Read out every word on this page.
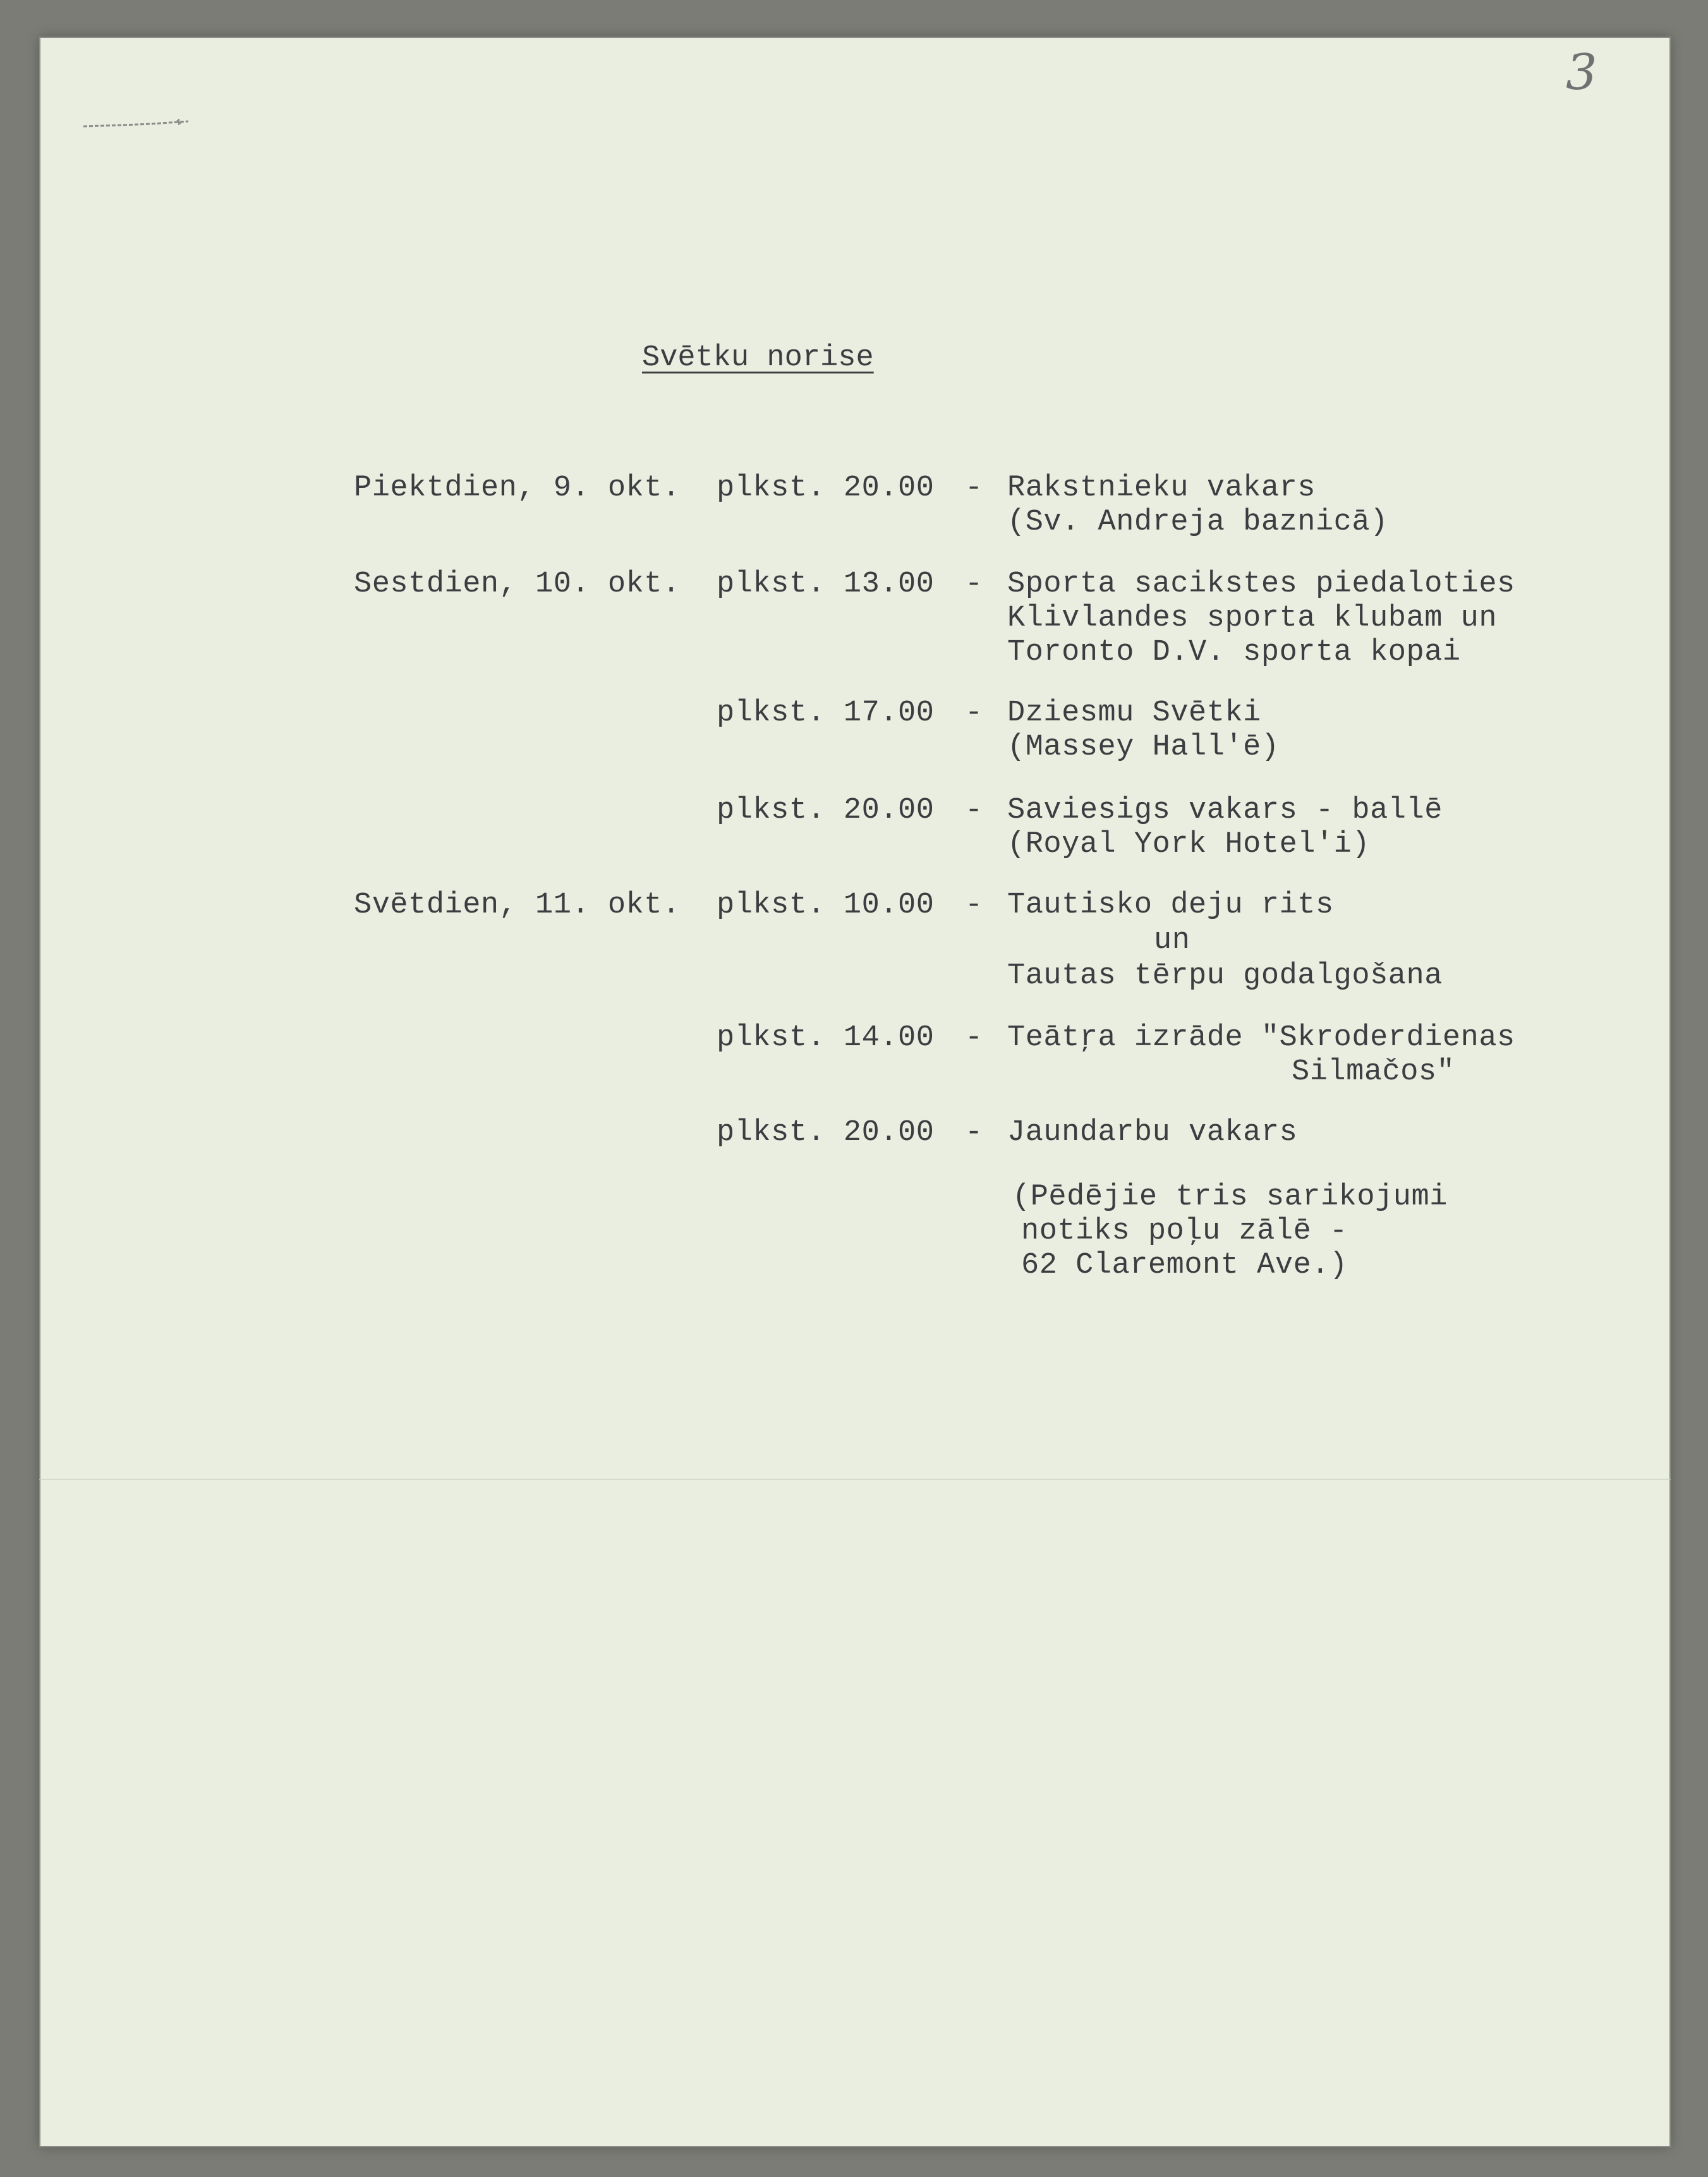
3
Svētku norise
Piektdien, 9. okt. plkst. 20.00 - Rakstnieku vakars
(Sv. Andreja baznicā)
Sestdien, 10. okt. plkst. 13.00 - Sporta sacikstes piedaloties
Klivlandes sporta klubam un
Toronto D.V. sporta kopai
plkst. 17.00 - Dziesmu Svētki
(Massey Hall'ē)
plkst. 20.00 - Saviesigs vakars - ballē
(Royal York Hotel'i)
Svētdien, 11. okt. plkst. 10.00 - Tautisko deju rits
un
Tautas tērpu godalgošana
plkst. 14.00 - Teātŗa izrāde "Skroderdienas
Silmačos"
plkst. 20.00 - Jaundarbu vakars
(Pēdējie tris sarikojumi
notiks poļu zālē -
62 Claremont Ave.)
